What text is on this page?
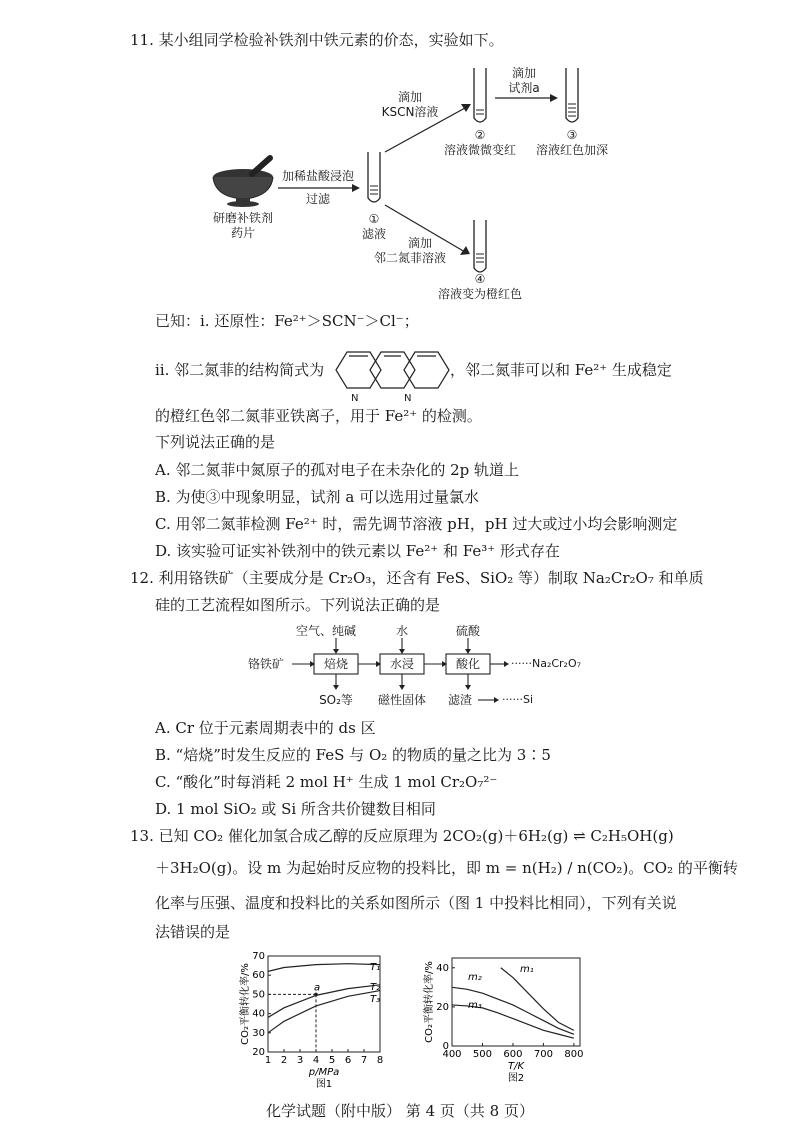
11. 某小组同学检验补铁剂中铁元素的价态，实验如下。
研磨补铁剂
药片
加稀盐酸浸泡
过滤
①
滤液
滴加
KSCN溶液
②
溶液微微变红
滴加
试剂a
③
溶液红色加深
滴加
邻二氮菲溶液
④
溶液变为橙红色
已知：ⅰ. 还原性：Fe²⁺＞SCN⁻＞Cl⁻；
ⅱ. 邻二氮菲的结构简式为
N	N
，邻二氮菲可以和 Fe²⁺ 生成稳定
的橙红色邻二氮菲亚铁离子，用于 Fe²⁺ 的检测。
下列说法正确的是
A. 邻二氮菲中氮原子的孤对电子在未杂化的 2p 轨道上
B. 为使③中现象明显，试剂 a 可以选用过量氯水
C. 用邻二氮菲检测 Fe²⁺ 时，需先调节溶液 pH，pH 过大或过小均会影响测定
D. 该实验可证实补铁剂中的铁元素以 Fe²⁺ 和 Fe³⁺ 形式存在
12. 利用铬铁矿（主要成分是 Cr₂O₃，还含有 FeS、SiO₂ 等）制取 Na₂Cr₂O₇ 和单质
硅的工艺流程如图所示。下列说法正确的是
空气、纯碱	水	硫酸
铬铁矿	焙烧	水浸	酸化	······Na₂Cr₂O₇
SO₂等 磁性固体 滤渣	······Si
A. Cr 位于元素周期表中的 ds 区
B. “焙烧”时发生反应的 FeS 与 O₂ 的物质的量之比为 3∶5
C. “酸化”时每消耗 2 mol H⁺ 生成 1 mol Cr₂O₇²⁻
D. 1 mol SiO₂ 或 Si 所含共价键数目相同
13. 已知 CO₂ 催化加氢合成乙醇的反应原理为 2CO₂(g)＋6H₂(g) ⇌ C₂H₅OH(g)
＋3H₂O(g)。设 m 为起始时反应物的投料比，即 m = n(H₂) / n(CO₂)。CO₂ 的平衡转
化率与压强、温度和投料比的关系如图所示（图 1 中投料比相同），下列有关说
法错误的是
1 2 3 4 5 6 7 8
20
30
40
50
60
70
T₁
T₂
T₃
p/MPa
图1
CO₂平衡转化率/%	a
400 500 600 700 800
0
20
40	m₁
m₂
m₃
T/K
图2
CO₂平衡转化率/%
化学试题（附中版） 第 4 页（共 8 页）
